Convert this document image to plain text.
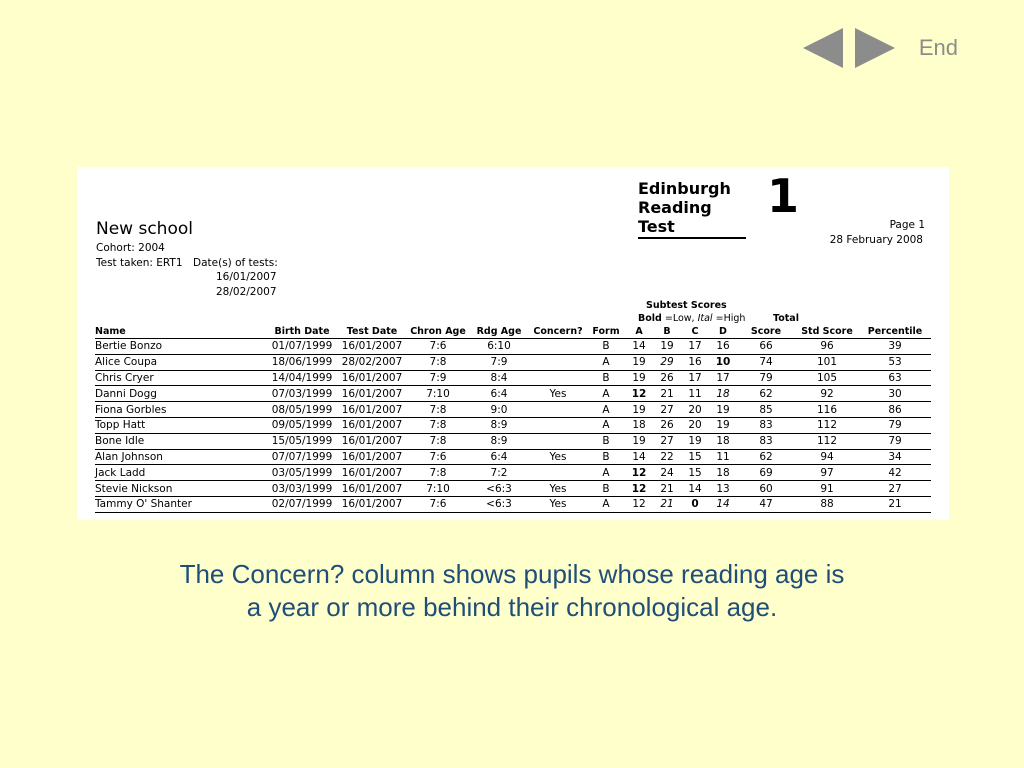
End
New school
Cohort: 2004
Test taken: ERT1 Date(s) of tests:
16/01/2007
28/02/2007
Edinburgh
Reading
Test
1
Page 1
28 February 2008
Subtest Scores
Bold =Low, Ital =High	Total
Name	Birth Date	Test Date	Chron Age	Rdg Age	Concern?	Form	A	B	C	D	Score	Std Score	Percentile
Bertie Bonzo	01/07/1999	16/01/2007	7:6	6:10		B	14	19	17	16	66	96	39
Alice Coupa	18/06/1999	28/02/2007	7:8	7:9		A	19	29	16	10	74	101	53
Chris Cryer	14/04/1999	16/01/2007	7:9	8:4		B	19	26	17	17	79	105	63
Danni Dogg	07/03/1999	16/01/2007	7:10	6:4	Yes	A	12	21	11	18	62	92	30
Fiona Gorbles	08/05/1999	16/01/2007	7:8	9:0		A	19	27	20	19	85	116	86
Topp Hatt	09/05/1999	16/01/2007	7:8	8:9		A	18	26	20	19	83	112	79
Bone Idle	15/05/1999	16/01/2007	7:8	8:9		B	19	27	19	18	83	112	79
Alan Johnson	07/07/1999	16/01/2007	7:6	6:4	Yes	B	14	22	15	11	62	94	34
Jack Ladd	03/05/1999	16/01/2007	7:8	7:2		A	12	24	15	18	69	97	42
Stevie Nickson	03/03/1999	16/01/2007	7:10	<6:3	Yes	B	12	21	14	13	60	91	27
Tammy O' Shanter	02/07/1999	16/01/2007	7:6	<6:3	Yes	A	12	21	0	14	47	88	21
The Concern? column shows pupils whose reading age is
a year or more behind their chronological age.
